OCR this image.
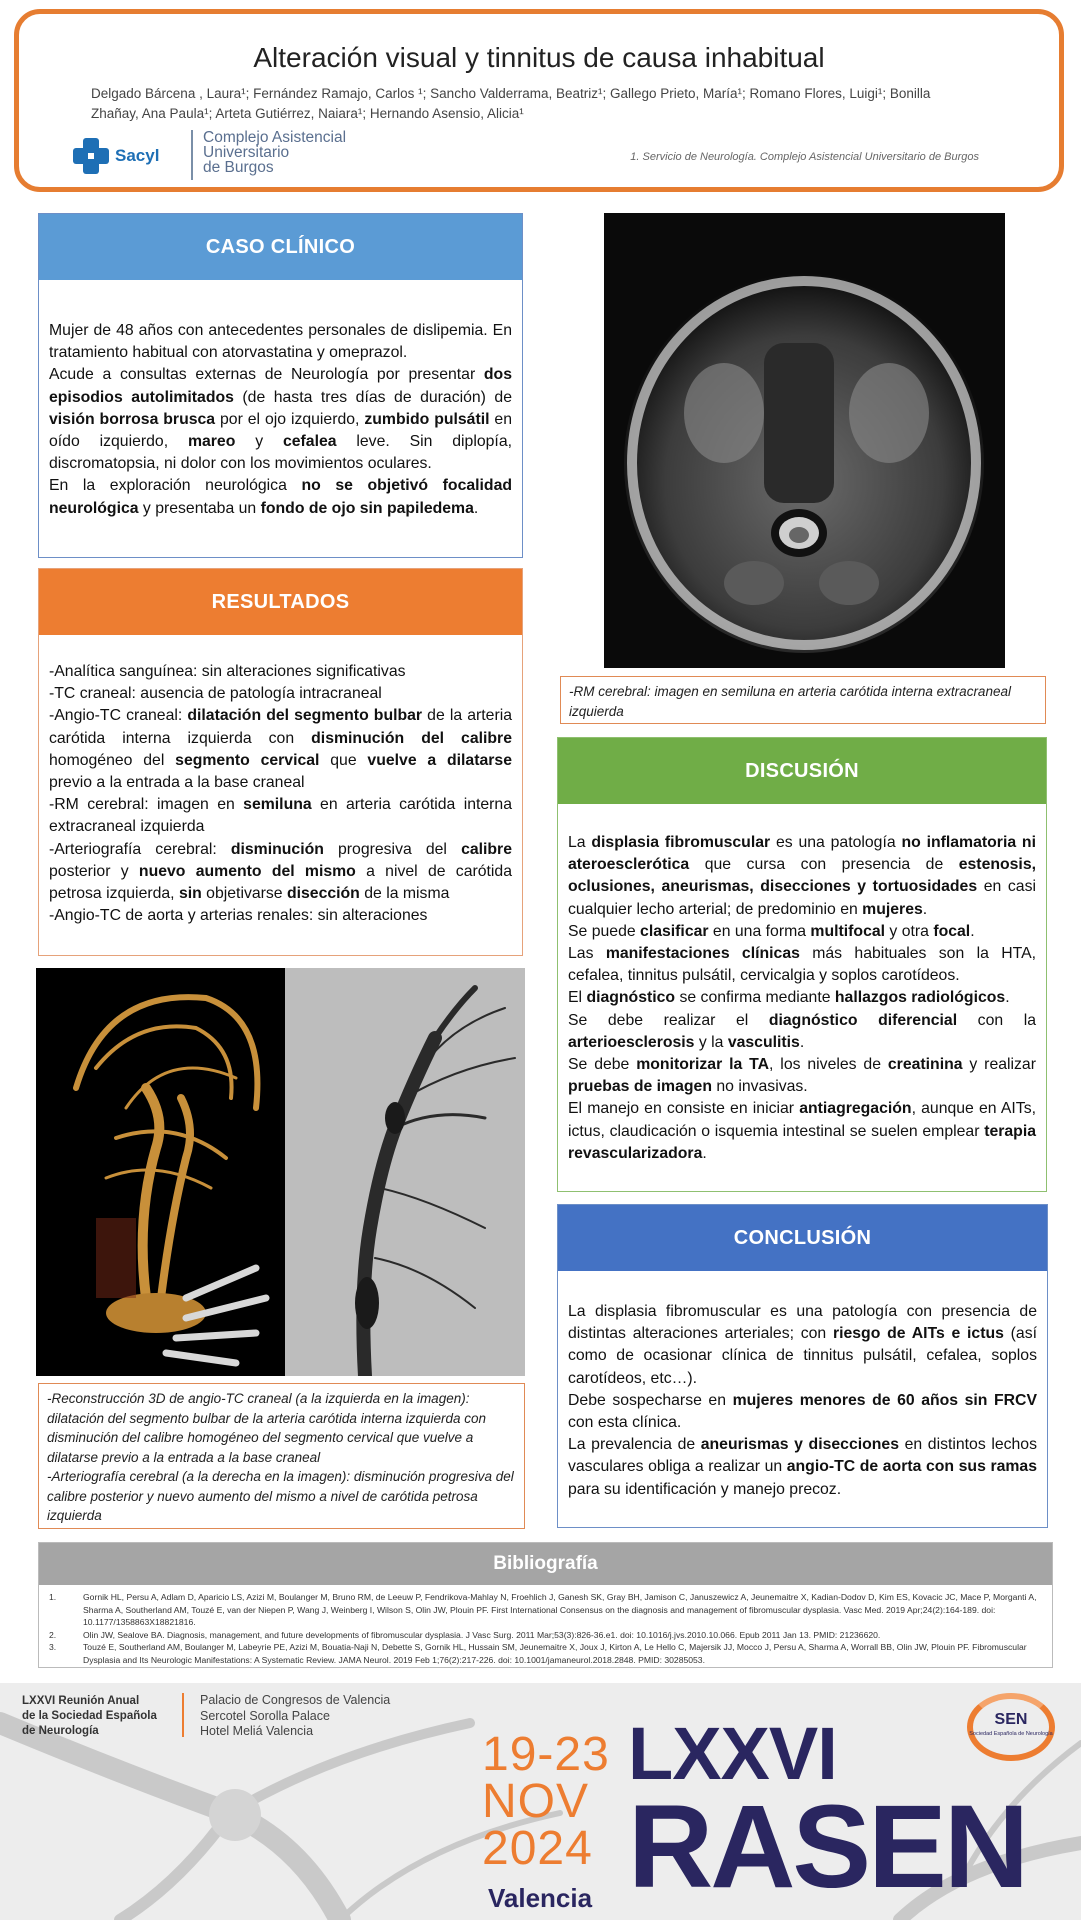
Alteración visual y tinnitus de causa inhabitual
Delgado Bárcena , Laura¹; Fernández Ramajo, Carlos ¹; Sancho Valderrama, Beatriz¹; Gallego Prieto, María¹; Romano Flores, Luigi¹; Bonilla
Zhañay, Ana Paula¹; Arteta Gutiérrez, Naiara¹; Hernando Asensio, Alicia¹
Sacyl
Complejo Asistencial
Universitario
de Burgos
1. Servicio de Neurología. Complejo Asistencial Universitario de Burgos
CASO CLÍNICO

Mujer de 48 años con antecedentes personales de dislipemia. En tratamiento habitual con atorvastatina y omeprazol.

Acude a consultas externas de Neurología por presentar dos episodios autolimitados (de hasta tres días de duración) de visión borrosa brusca por el ojo izquierdo, zumbido pulsátil en oído izquierdo, mareo y cefalea leve. Sin diplopía, discromatopsia, ni dolor con los movimientos oculares.

En la exploración neurológica no se objetivó focalidad neurológica y presentaba un fondo de ojo sin papiledema.

RESULTADOS

-Analítica sanguínea: sin alteraciones significativas

-TC craneal: ausencia de patología intracraneal

-Angio-TC craneal: dilatación del segmento bulbar de la arteria carótida interna izquierda con disminución del calibre homogéneo del segmento cervical que vuelve a dilatarse previo a la entrada a la base craneal

-RM cerebral: imagen en semiluna en arteria carótida interna extracraneal izquierda

-Arteriografía cerebral: disminución progresiva del calibre posterior y nuevo aumento del mismo a nivel de carótida petrosa izquierda, sin objetivarse disección de la misma

-Angio-TC de aorta y arterias renales: sin alteraciones

-RM cerebral: imagen en semiluna en arteria carótida interna extracraneal izquierda
DISCUSIÓN

La displasia fibromuscular es una patología no inflamatoria ni ateroesclerótica que cursa con presencia de estenosis, oclusiones, aneurismas, disecciones y tortuosidades en casi cualquier lecho arterial; de predominio en mujeres.

Se puede clasificar en una forma multifocal y otra focal.

Las manifestaciones clínicas más habituales son la HTA, cefalea, tinnitus pulsátil, cervicalgia y soplos carotídeos.

El diagnóstico se confirma mediante hallazgos radiológicos.

Se debe realizar el diagnóstico diferencial con la arterioesclerosis y la vasculitis.

Se debe monitorizar la TA, los niveles de creatinina y realizar pruebas de imagen no invasivas.

El manejo en consiste en iniciar antiagregación, aunque en AITs, ictus, claudicación o isquemia intestinal se suelen emplear terapia revascularizadora.

-Reconstrucción 3D de angio-TC craneal (a la izquierda en la imagen): dilatación del segmento bulbar de la arteria carótida interna izquierda con disminución del calibre homogéneo del segmento cervical que vuelve a dilatarse previo a la entrada a la base craneal
-Arteriografía cerebral (a la derecha en la imagen): disminución progresiva del calibre posterior y nuevo aumento del mismo a nivel de carótida petrosa izquierda
CONCLUSIÓN

La displasia fibromuscular es una patología con presencia de distintas alteraciones arteriales; con riesgo de AITs e ictus (así como de ocasionar clínica de tinnitus pulsátil, cefalea, soplos carotídeos, etc…).

Debe sospecharse en mujeres menores de 60 años sin FRCV con esta clínica.

La prevalencia de aneurismas y disecciones en distintos lechos vasculares obliga a realizar un angio-TC de aorta con sus ramas para su identificación y manejo precoz.

Bibliografía
1.	Gornik HL, Persu A, Adlam D, Aparicio LS, Azizi M, Boulanger M, Bruno RM, de Leeuw P, Fendrikova-Mahlay N, Froehlich J, Ganesh SK, Gray BH, Jamison C, Januszewicz A, Jeunemaitre X, Kadian-Dodov D, Kim ES, Kovacic JC, Mace P, Morganti A, Sharma A, Southerland AM, Touzé E, van der Niepen P, Wang J, Weinberg I, Wilson S, Olin JW, Plouin PF. First International Consensus on the diagnosis and management of fibromuscular dysplasia. Vasc Med. 2019 Apr;24(2):164-189. doi: 10.1177/1358863X18821816.
2.	Olin JW, Sealove BA. Diagnosis, management, and future developments of fibromuscular dysplasia. J Vasc Surg. 2011 Mar;53(3):826-36.e1. doi: 10.1016/j.jvs.2010.10.066. Epub 2011 Jan 13. PMID: 21236620.
3.	Touzé E, Southerland AM, Boulanger M, Labeyrie PE, Azizi M, Bouatia-Naji N, Debette S, Gornik HL, Hussain SM, Jeunemaitre X, Joux J, Kirton A, Le Hello C, Majersik JJ, Mocco J, Persu A, Sharma A, Worrall BB, Olin JW, Plouin PF. Fibromuscular Dysplasia and Its Neurologic Manifestations: A Systematic Review. JAMA Neurol. 2019 Feb 1;76(2):217-226. doi: 10.1001/jamaneurol.2018.2848. PMID: 30285053.
LXXVI Reunión Anual
de la Sociedad Española
de Neurología
Palacio de Congresos de Valencia
Sercotel Sorolla Palace
Hotel Meliá Valencia	19-23
NOV
2024
Valencia
LXXVI
RASEN
SEN
Sociedad Española de Neurología
